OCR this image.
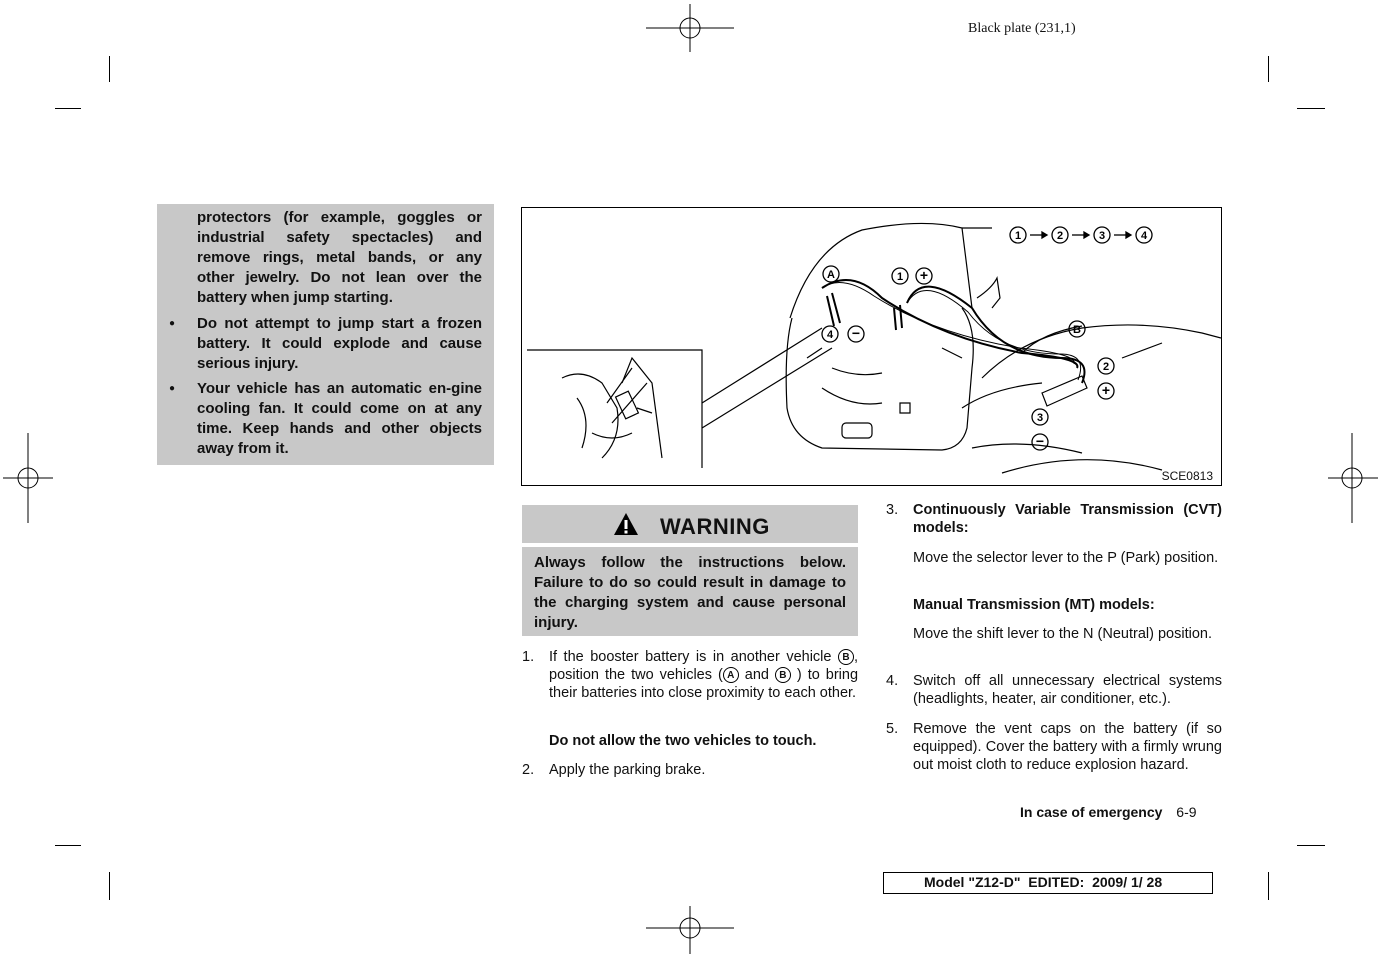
Black plate (231,1)

protectors (for example, goggles or industrial safety spectacles) and remove rings, metal bands, or any other jewelry. Do not lean over the battery when jump starting.

● Do not attempt to jump start a frozen battery. It could explode and cause serious injury.
● Your vehicle has an automatic en-gine cooling fan. It could come on at any time. Keep hands and other objects away from it.
1	2	3	4
A	1 +
4 −	B
2
+
3
−
SCE0813
WARNING
Always follow the instructions below. Failure to do so could result in damage to the charging system and cause personal injury.
1. If the booster battery is in another vehicle B , position the two vehicles ( A and B ) to bring their batteries into close proximity to each other.
Do not allow the two vehicles to touch.
2. Apply the parking brake.
3. Continuously Variable Transmission (CVT) models:
Move the selector lever to the P (Park) position.
Manual Transmission (MT) models:
Move the shift lever to the N (Neutral) position.
4. Switch off all unnecessary electrical systems (headlights, heater, air conditioner, etc.).
5. Remove the vent caps on the battery (if so equipped). Cover the battery with a firmly wrung out moist cloth to reduce explosion hazard.
In case of emergency 6-9
Model "Z12-D"  EDITED:  2009/ 1/ 28
